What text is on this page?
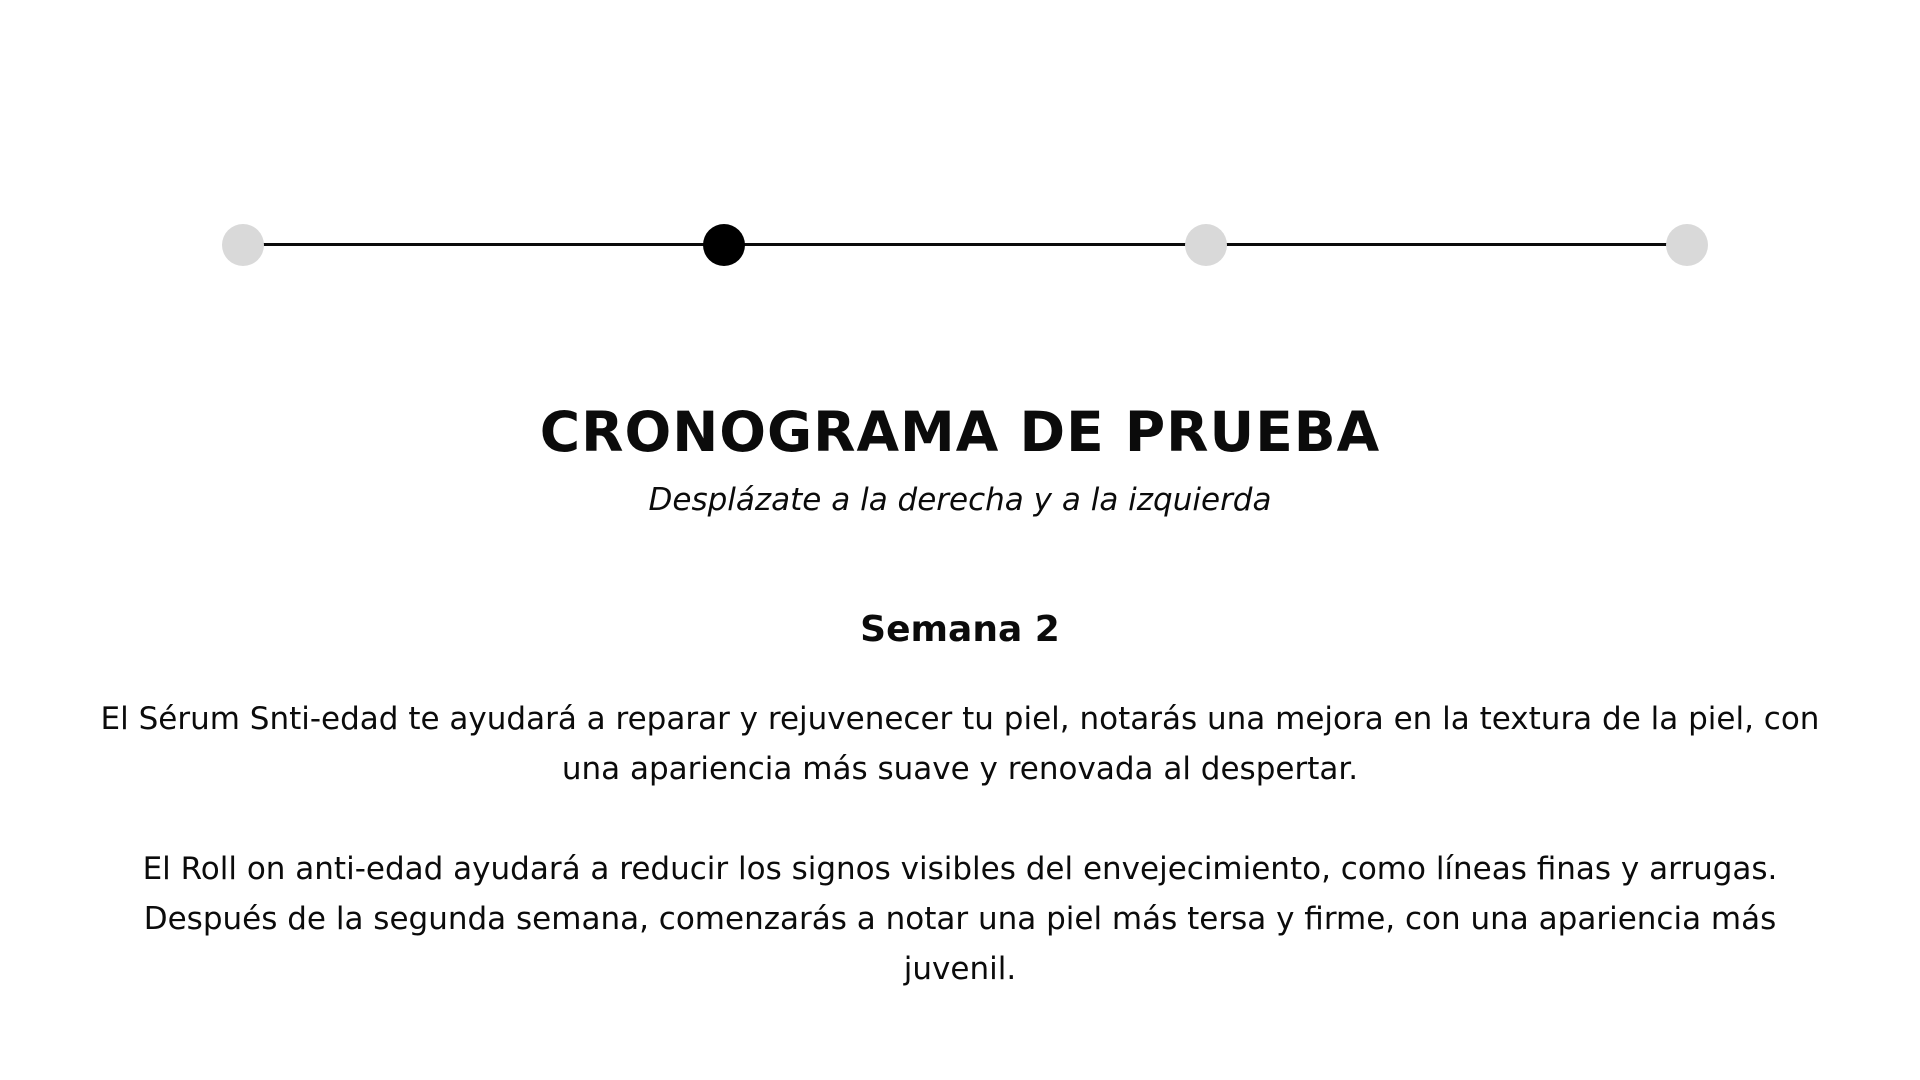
CRONOGRAMA DE PRUEBA
Desplázate a la derecha y a la izquierda
Semana 2

El Sérum Snti-edad te ayudará a reparar y rejuvenecer tu piel, notarás una mejora en la textura de la piel, con una apariencia más suave y renovada al despertar.

El Roll on anti-edad ayudará a reducir los signos visibles del envejecimiento, como líneas finas y arrugas. Después de la segunda semana, comenzarás a notar una piel más tersa y firme, con una apariencia más juvenil.
